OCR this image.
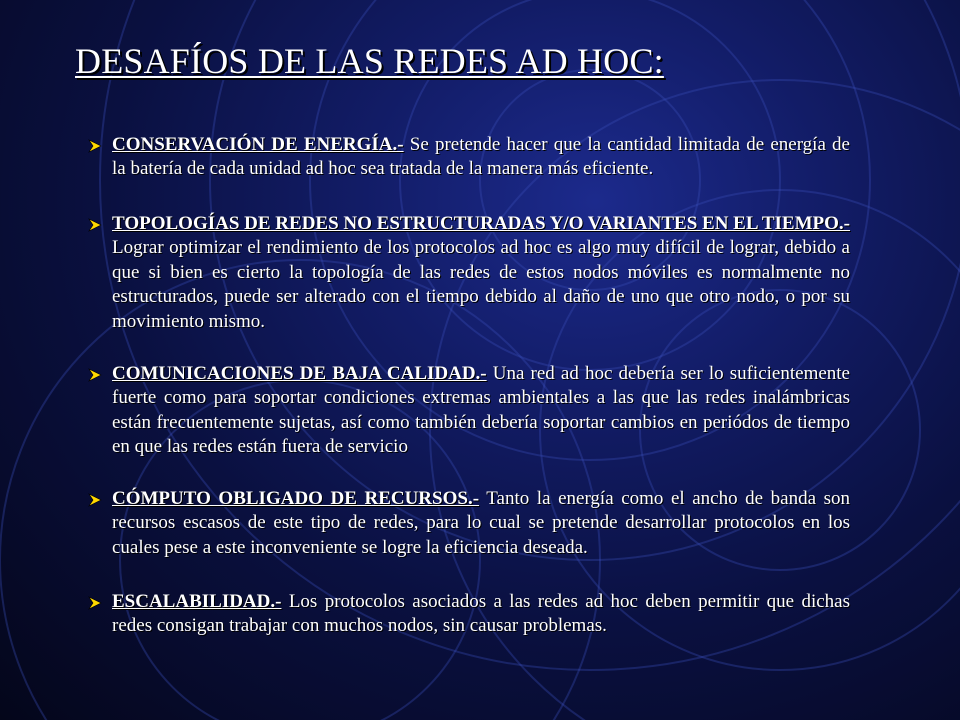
DESAFÍOS DE LAS REDES AD HOC:
CONSERVACIÓN DE ENERGÍA.- Se pretende hacer que la cantidad limitada de energía de la batería de cada unidad ad hoc sea tratada de la manera más eficiente.
TOPOLOGÍAS DE REDES NO ESTRUCTURADAS Y/O VARIANTES EN EL TIEMPO.- Lograr optimizar el rendimiento de los protocolos ad hoc es algo muy difícil de lograr, debido a que si bien es cierto la topología de las redes de estos nodos móviles es normalmente no estructurados, puede ser alterado con el tiempo debido al daño de uno que otro nodo, o por su movimiento mismo.
COMUNICACIONES DE BAJA CALIDAD.- Una red ad hoc debería ser lo suficientemente fuerte como para soportar condiciones extremas ambientales a las que las redes inalámbricas están frecuentemente sujetas, así como también debería soportar cambios en periódos de tiempo en que las redes están fuera de servicio
CÓMPUTO OBLIGADO DE RECURSOS.- Tanto la energía como el ancho de banda son recursos escasos de este tipo de redes, para lo cual se pretende desarrollar protocolos en los cuales pese a este inconveniente se logre la eficiencia deseada.
ESCALABILIDAD.- Los protocolos asociados a las redes ad hoc deben permitir que dichas redes consigan trabajar con muchos nodos, sin causar problemas.
